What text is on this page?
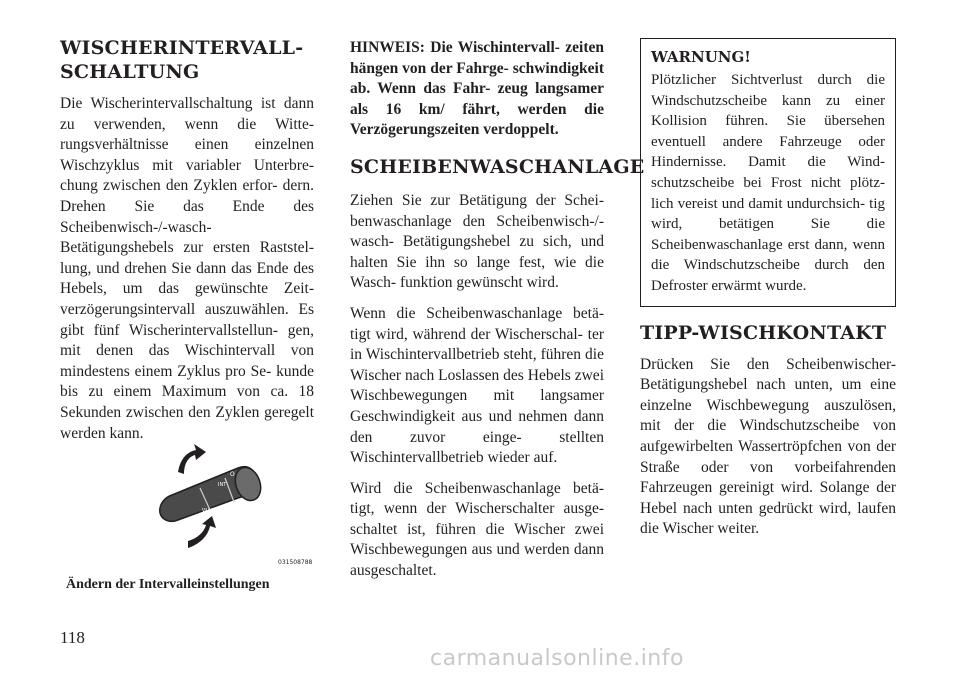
WISCHERINTERVALL-
SCHALTUNG

Die Wischerintervallschaltung ist dann zu verwenden, wenn die Witte- rungsverhältnisse einen einzelnen Wischzyklus mit variabler Unterbre- chung zwischen den Zyklen erfor- dern. Drehen Sie das Ende des Scheibenwisch-/-wasch- Betätigungshebels zur ersten Raststel- lung, und drehen Sie dann das Ende des Hebels, um das gewünschte Zeit- verzögerungsintervall auszuwählen. Es gibt fünf Wischerintervallstellun- gen, mit denen das Wischintervall von mindestens einem Zyklus pro Se- kunde bis zu einem Maximum von ca. 18 Sekunden zwischen den Zyklen geregelt werden kann.

WASH
O
INT
031508788
Ändern der Intervalleinstellungen

HINWEIS: Die Wischintervall- zeiten hängen von der Fahrge- schwindigkeit ab. Wenn das Fahr- zeug langsamer als 16 km/ fährt, werden die Verzögerungszeiten verdoppelt.

SCHEIBENWASCHANLAGE

Ziehen Sie zur Betätigung der Schei- benwaschanlage den Scheibenwisch-/-wasch- Betätigungshebel zu sich, und halten Sie ihn so lange fest, wie die Wasch- funktion gewünscht wird.

Wenn die Scheibenwaschanlage betä- tigt wird, während der Wischerschal- ter in Wischintervallbetrieb steht, führen die Wischer nach Loslassen des Hebels zwei Wischbewegungen mit langsamer Geschwindigkeit aus und nehmen dann den zuvor einge- stellten Wischintervallbetrieb wieder auf.

Wird die Scheibenwaschanlage betä- tigt, wenn der Wischerschalter ausge- schaltet ist, führen die Wischer zwei Wischbewegungen aus und werden dann ausgeschaltet.

WARNUNG!

Plötzlicher Sichtverlust durch die Windschutzscheibe kann zu einer Kollision führen. Sie übersehen eventuell andere Fahrzeuge oder Hindernisse. Damit die Wind- schutzscheibe bei Frost nicht plötz- lich vereist und damit undurchsich- tig wird, betätigen Sie die Scheibenwaschanlage erst dann, wenn die Windschutzscheibe durch den Defroster erwärmt wurde.

TIPP-WISCHKONTAKT

Drücken Sie den Scheibenwischer- Betätigungshebel nach unten, um eine einzelne Wischbewegung auszulösen, mit der die Windschutzscheibe von aufgewirbelten Wassertröpfchen von der Straße oder von vorbeifahrenden Fahrzeugen gereinigt wird. Solange der Hebel nach unten gedrückt wird, laufen die Wischer weiter.

118
carmanualsonline.info
